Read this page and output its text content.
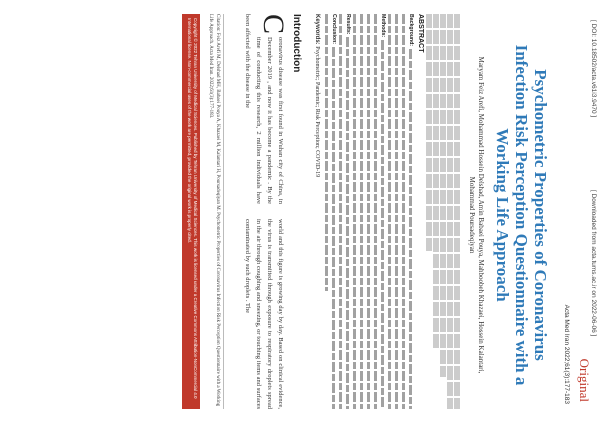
[ DOI: 10.18502/acta.v61i3.9470 ]
[ Downloaded from acta.tums.ac.ir on 2022-06-06 ]
Original
Acta Med Iran 2022;61(3):177-183
Psychometric Properties of Coronavirus Infection Risk Perception Questionnaire with a Working Life Approach
Maryam Feiz Arefi, Mohammad Hossein Delshad, Amin Babaei Pouya, Mahboobeh Khazaei, Hossein Kalantari, Mohammad Poursadeqiyan
ABSTRACT
Background:
Methods:
Results:
Conclusion:
Keywords: Psychometric; Pandemic; Risk Perception; COVID-19
Introduction
C
oronavirus disease was first found in Wuhan city of China, in December 2019 , and now it has become a pandemic . By the time of conducting this research, 2 million individuals have been affected with the disease in the
world and this figure is growing day by day. Based on clinical evidence, the virus is transmitted through exposure to respiratory droplets spread in the air through coughing and sneezing, or touching items and surfaces contaminated by such droplets . The
Citation: Feiz Arefi M, Delshad MH, Babaei Pouya A, Khazaei M, Kalantari H, Poursadeqiyan M. Psychometric Properties of Coronavirus Infection Risk Perception Questionnaire with a Working Life Approach. Acta Med Iran. 2022;61(3):177-183.
Copyright © 2022 Tehran University of Medical Sciences. Published by Tehran University of Medical Sciences. This work is licensed under a Creative Commons Attribution-NonCommercial 4.0 International license. Non-commercial uses of the work are permitted, provided the original work is properly cited.
